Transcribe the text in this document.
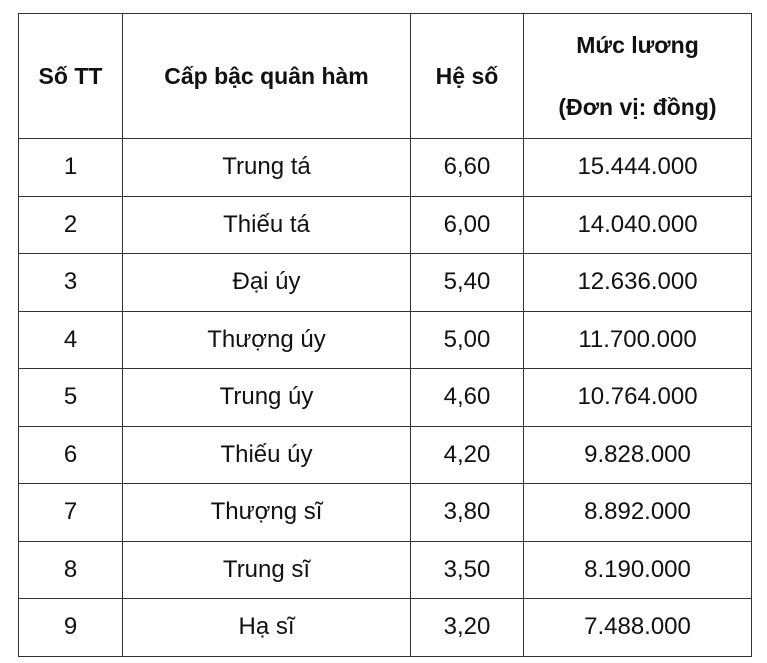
Số TT	Cấp bậc quân hàm	Hệ số	Mức lương
(Đơn vị: đồng)

1	Trung tá	6,60	15.444.000
2	Thiếu tá	6,00	14.040.000
3	Đại úy	5,40	12.636.000
4	Thượng úy	5,00	11.700.000
5	Trung úy	4,60	10.764.000
6	Thiếu úy	4,20	9.828.000
7	Thượng sĩ	3,80	8.892.000
8	Trung sĩ	3,50	8.190.000
9	Hạ sĩ	3,20	7.488.000
